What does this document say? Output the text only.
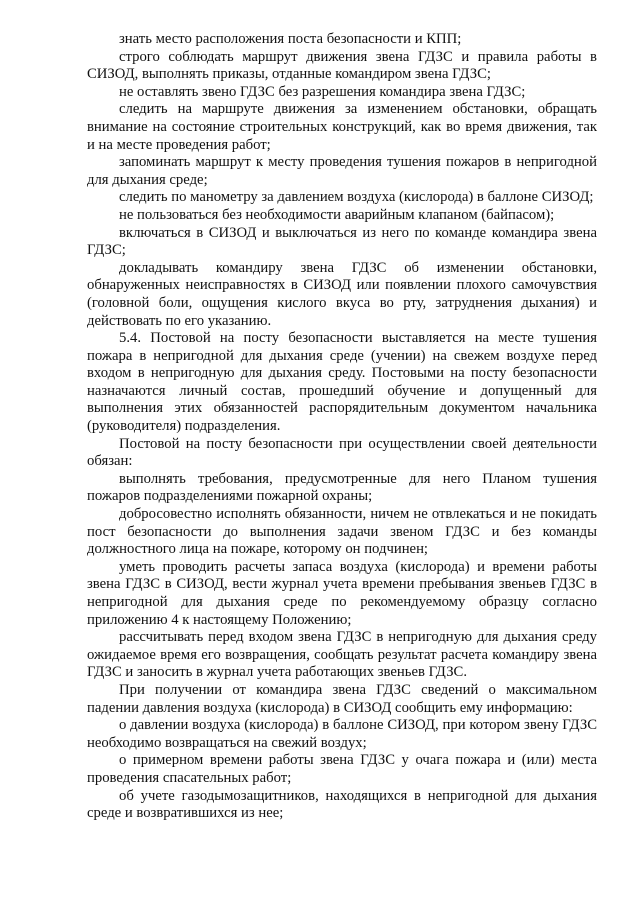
знать место расположения поста безопасности и КПП;

строго соблюдать маршрут движения звена ГДЗС и правила работы в СИЗОД, выполнять приказы, отданные командиром звена ГДЗС;

не оставлять звено ГДЗС без разрешения командира звена ГДЗС;

следить на маршруте движения за изменением обстановки, обращать внимание на состояние строительных конструкций, как во время движения, так и на месте проведения работ;

запоминать маршрут к месту проведения тушения пожаров в непригодной для дыхания среде;

следить по манометру за давлением воздуха (кислорода) в баллоне СИЗОД;

не пользоваться без необходимости аварийным клапаном (байпасом);

включаться в СИЗОД и выключаться из него по команде командира звена ГДЗС;

докладывать командиру звена ГДЗС об изменении обстановки, обнаруженных неисправностях в СИЗОД или появлении плохого самочувствия (головной боли, ощущения кислого вкуса во рту, затруднения дыхания) и действовать по его указанию.

5.4. Постовой на посту безопасности выставляется на месте тушения пожара в непригодной для дыхания среде (учении) на свежем воздухе перед входом в непригодную для дыхания среду. Постовыми на посту безопасности назначаются личный состав, прошедший обучение и допущенный для выполнения этих обязанностей распорядительным документом начальника (руководителя) подразделения.

Постовой на посту безопасности при осуществлении своей деятельности обязан:

выполнять требования, предусмотренные для него Планом тушения пожаров подразделениями пожарной охраны;

добросовестно исполнять обязанности, ничем не отвлекаться и не покидать пост безопасности до выполнения задачи звеном ГДЗС и без команды должностного лица на пожаре, которому он подчинен;

уметь проводить расчеты запаса воздуха (кислорода) и времени работы звена ГДЗС в СИЗОД, вести журнал учета времени пребывания звеньев ГДЗС в непригодной для дыхания среде по рекомендуемому образцу согласно приложению 4 к настоящему Положению;

рассчитывать перед входом звена ГДЗС в непригодную для дыхания среду ожидаемое время его возвращения, сообщать результат расчета командиру звена ГДЗС и заносить в журнал учета работающих звеньев ГДЗС.

При получении от командира звена ГДЗС сведений о максимальном падении давления воздуха (кислорода) в СИЗОД сообщить ему информацию:

о давлении воздуха (кислорода) в баллоне СИЗОД, при котором звену ГДЗС необходимо возвращаться на свежий воздух;

о примерном времени работы звена ГДЗС у очага пожара и (или) места проведения спасательных работ;

об учете газодымозащитников, находящихся в непригодной для дыхания среде и возвратившихся из нее;
